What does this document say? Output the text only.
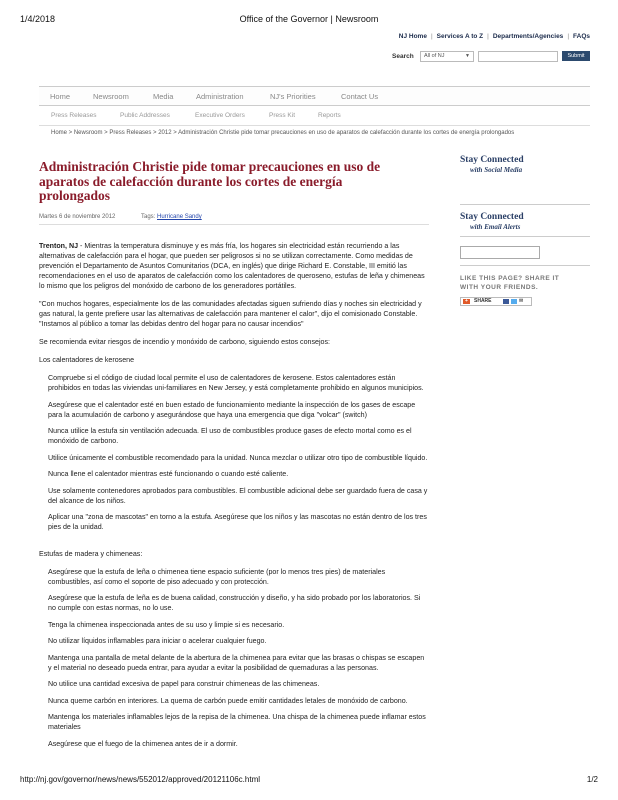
1/4/2018	Office of the Governor | Newsroom
NJ Home | Services A to Z | Departments/Agencies | FAQs
Search	All of NJ	▼	Submit
Home	Newsroom	Media	Administration	NJ's Priorities	Contact Us
Press Releases	Public Addresses	Executive Orders	Press Kit	Reports
Home > Newsroom > Press Releases > 2012 > Administración Christie pide tomar precauciones en uso de aparatos de calefacción durante los cortes de energía prolongados
Administración Christie pide tomar precauciones en uso de aparatos de calefacción durante los cortes de energía prolongados
Martes 6 de noviembre 2012	Tags: Hurricane Sandy

Trenton, NJ - Mientras la temperatura disminuye y es más fría, los hogares sin electricidad están recurriendo a las alternativas de calefacción para el hogar, que pueden ser peligrosos si no se utilizan correctamente. Como medidas de prevención el Departamento de Asuntos Comunitarios (DCA, en inglés) que dirige Richard E. Constable, III emitió las recomendaciones en el uso de aparatos de calefacción como los calentadores de queroseno, estufas de leña y chimeneas lo mismo que los peligros del monóxido de carbono de los generadores portátiles.

"Con muchos hogares, especialmente los de las comunidades afectadas siguen sufriendo días y noches sin electricidad y gas natural, la gente prefiere usar las alternativas de calefacción para mantener el calor", dijo el comisionado Constable. "Instamos al público a tomar las debidas dentro del hogar para no causar incendios"

Se recomienda evitar riesgos de incendio y monóxido de carbono, siguiendo estos consejos:

Los calentadores de kerosene

Compruebe si el código de ciudad local permite el uso de calentadores de kerosene. Estos calentadores están prohibidos en todas las viviendas uni-familiares en New Jersey, y está completamente prohibido en algunos municipios.

Asegúrese que el calentador esté en buen estado de funcionamiento mediante la inspección de los gases de escape para la acumulación de carbono y asegurándose que haya una emergencia que diga "volcar" (switch)

Nunca utilice la estufa sin ventilación adecuada. El uso de combustibles produce gases de efecto mortal como es el monóxido de carbono.

Utilice únicamente el combustible recomendado para la unidad. Nunca mezclar o utilizar otro tipo de combustible líquido.

Nunca llene el calentador mientras esté funcionando o cuando esté caliente.

Use solamente contenedores aprobados para combustibles. El combustible adicional debe ser guardado fuera de casa y del alcance de los niños.

Aplicar una "zona de mascotas" en torno a la estufa. Asegúrese que los niños y las mascotas no están dentro de los tres pies de la unidad.

Estufas de madera y chimeneas:

Asegúrese que la estufa de leña o chimenea tiene espacio suficiente (por lo menos tres pies) de materiales combustibles, así como el soporte de piso adecuado y con protección.

Asegúrese que la estufa de leña es de buena calidad, construcción y diseño, y ha sido probado por los laboratorios. Si no cumple con estas normas, no lo use.

Tenga la chimenea inspeccionada antes de su uso y limpie si es necesario.

No utilizar líquidos inflamables para iniciar o acelerar cualquier fuego.

Mantenga una pantalla de metal delante de la abertura de la chimenea para evitar que las brasas o chispas se escapen y el material no deseado pueda entrar, para ayudar a evitar la posibilidad de quemaduras a las personas.

No utilice una cantidad excesiva de papel para construir chimeneas de las chimeneas.

Nunca queme carbón en interiores. La quema de carbón puede emitir cantidades letales de monóxido de carbono.

Mantenga los materiales inflamables lejos de la repisa de la chimenea. Una chispa de la chimenea puede inflamar estos materiales

Asegúrese que el fuego de la chimenea antes de ir a dormir.

Stay Connected
with Social Media
Stay Connected
with Email Alerts
LIKE THIS PAGE? SHARE IT
WITH YOUR FRIENDS.
+	SHARE	✉
http://nj.gov/governor/news/news/552012/approved/20121106c.html	1/2
